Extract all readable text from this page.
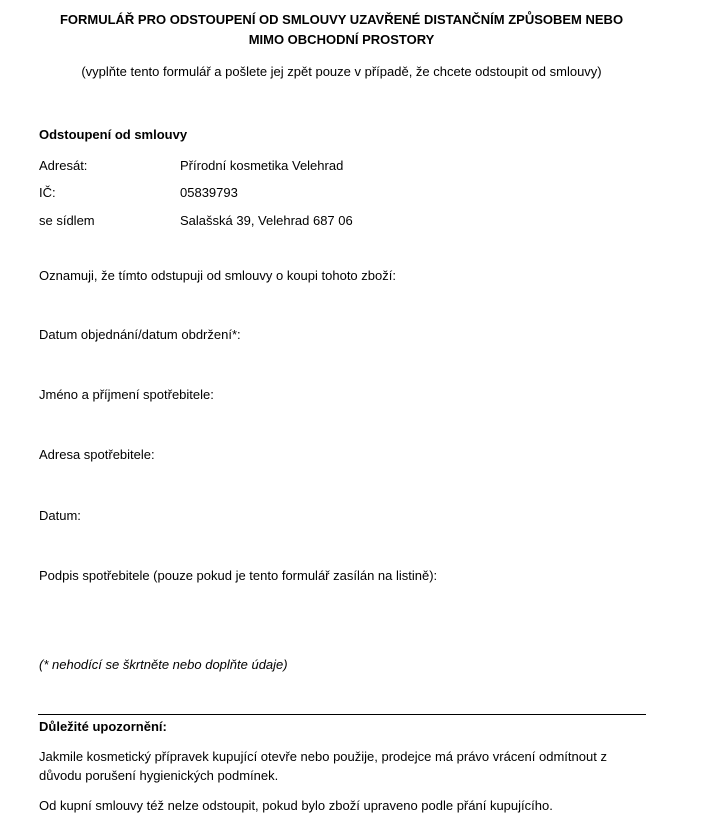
FORMULÁŘ PRO ODSTOUPENÍ OD SMLOUVY UZAVŘENÉ DISTANČNÍM ZPŮSOBEM NEBO
MIMO OBCHODNÍ PROSTORY
(vyplňte tento formulář a pošlete jej zpět pouze v případě, že chcete odstoupit od smlouvy)
Odstoupení od smlouvy
Adresát:	Přírodní kosmetika Velehrad
IČ:	05839793
se sídlem	Salašská 39, Velehrad 687 06
Oznamuji, že tímto odstupuji od smlouvy o koupi tohoto zboží:
Datum objednání/datum obdržení*:
Jméno a příjmení spotřebitele:
Adresa spotřebitele:
Datum:
Podpis spotřebitele (pouze pokud je tento formulář zasílán na listině):
(* nehodící se škrtněte nebo doplňte údaje)
Důležité upozornění:
Jakmile kosmetický přípravek kupující otevře nebo použije, prodejce má právo vrácení odmítnout z
důvodu porušení hygienických podmínek.
Od kupní smlouvy též nelze odstoupit, pokud bylo zboží upraveno podle přání kupujícího.
